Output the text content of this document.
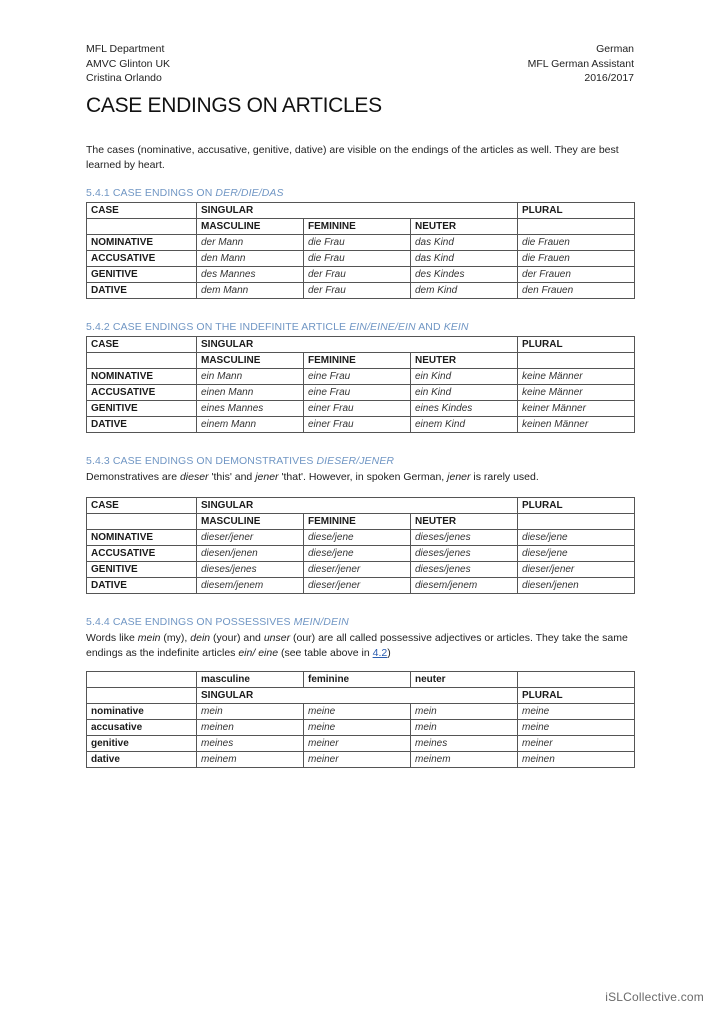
MFL Department
AMVC Glinton UK
Cristina Orlando
German
MFL German Assistant
2016/2017
CASE ENDINGS ON ARTICLES
The cases (nominative, accusative, genitive, dative) are visible on the endings of the articles as well. They are best learned by heart.
5.4.1 CASE ENDINGS ON DER/DIE/DAS
CASE	SINGULAR			PLURAL
	MASCULINE	FEMININE	NEUTER	
NOMINATIVE	der Mann	die Frau	das Kind	die Frauen
ACCUSATIVE	den Mann	die Frau	das Kind	die Frauen
GENITIVE	des Mannes	der Frau	des Kindes	der Frauen
DATIVE	dem Mann	der Frau	dem Kind	den Frauen
5.4.2 CASE ENDINGS ON THE INDEFINITE ARTICLE EIN/EINE/EIN AND KEIN
CASE	SINGULAR			PLURAL
	MASCULINE	FEMININE	NEUTER	
NOMINATIVE	ein Mann	eine Frau	ein Kind	keine Männer
ACCUSATIVE	einen Mann	eine Frau	ein Kind	keine Männer
GENITIVE	eines Mannes	einer Frau	eines Kindes	keiner Männer
DATIVE	einem Mann	einer Frau	einem Kind	keinen Männer
5.4.3 CASE ENDINGS ON DEMONSTRATIVES DIESER/JENER
Demonstratives are dieser 'this' and jener 'that'. However, in spoken German, jener is rarely used.
CASE	SINGULAR			PLURAL
	MASCULINE	FEMININE	NEUTER	
NOMINATIVE	dieser/jener	diese/jene	dieses/jenes	diese/jene
ACCUSATIVE	diesen/jenen	diese/jene	dieses/jenes	diese/jene
GENITIVE	dieses/jenes	dieser/jener	dieses/jenes	dieser/jener
DATIVE	diesem/jenem	dieser/jener	diesem/jenem	diesen/jenen
5.4.4 CASE ENDINGS ON POSSESSIVES MEIN/DEIN
Words like mein (my), dein (your) and unser (our) are all called possessive adjectives or articles. They take the same endings as the indefinite articles ein/ eine (see table above in 4.2)
	masculine	feminine	neuter	
	SINGULAR			PLURAL
nominative	mein	meine	mein	meine
accusative	meinen	meine	mein	meine
genitive	meines	meiner	meines	meiner
dative	meinem	meiner	meinem	meinen
iSLCollective.com
